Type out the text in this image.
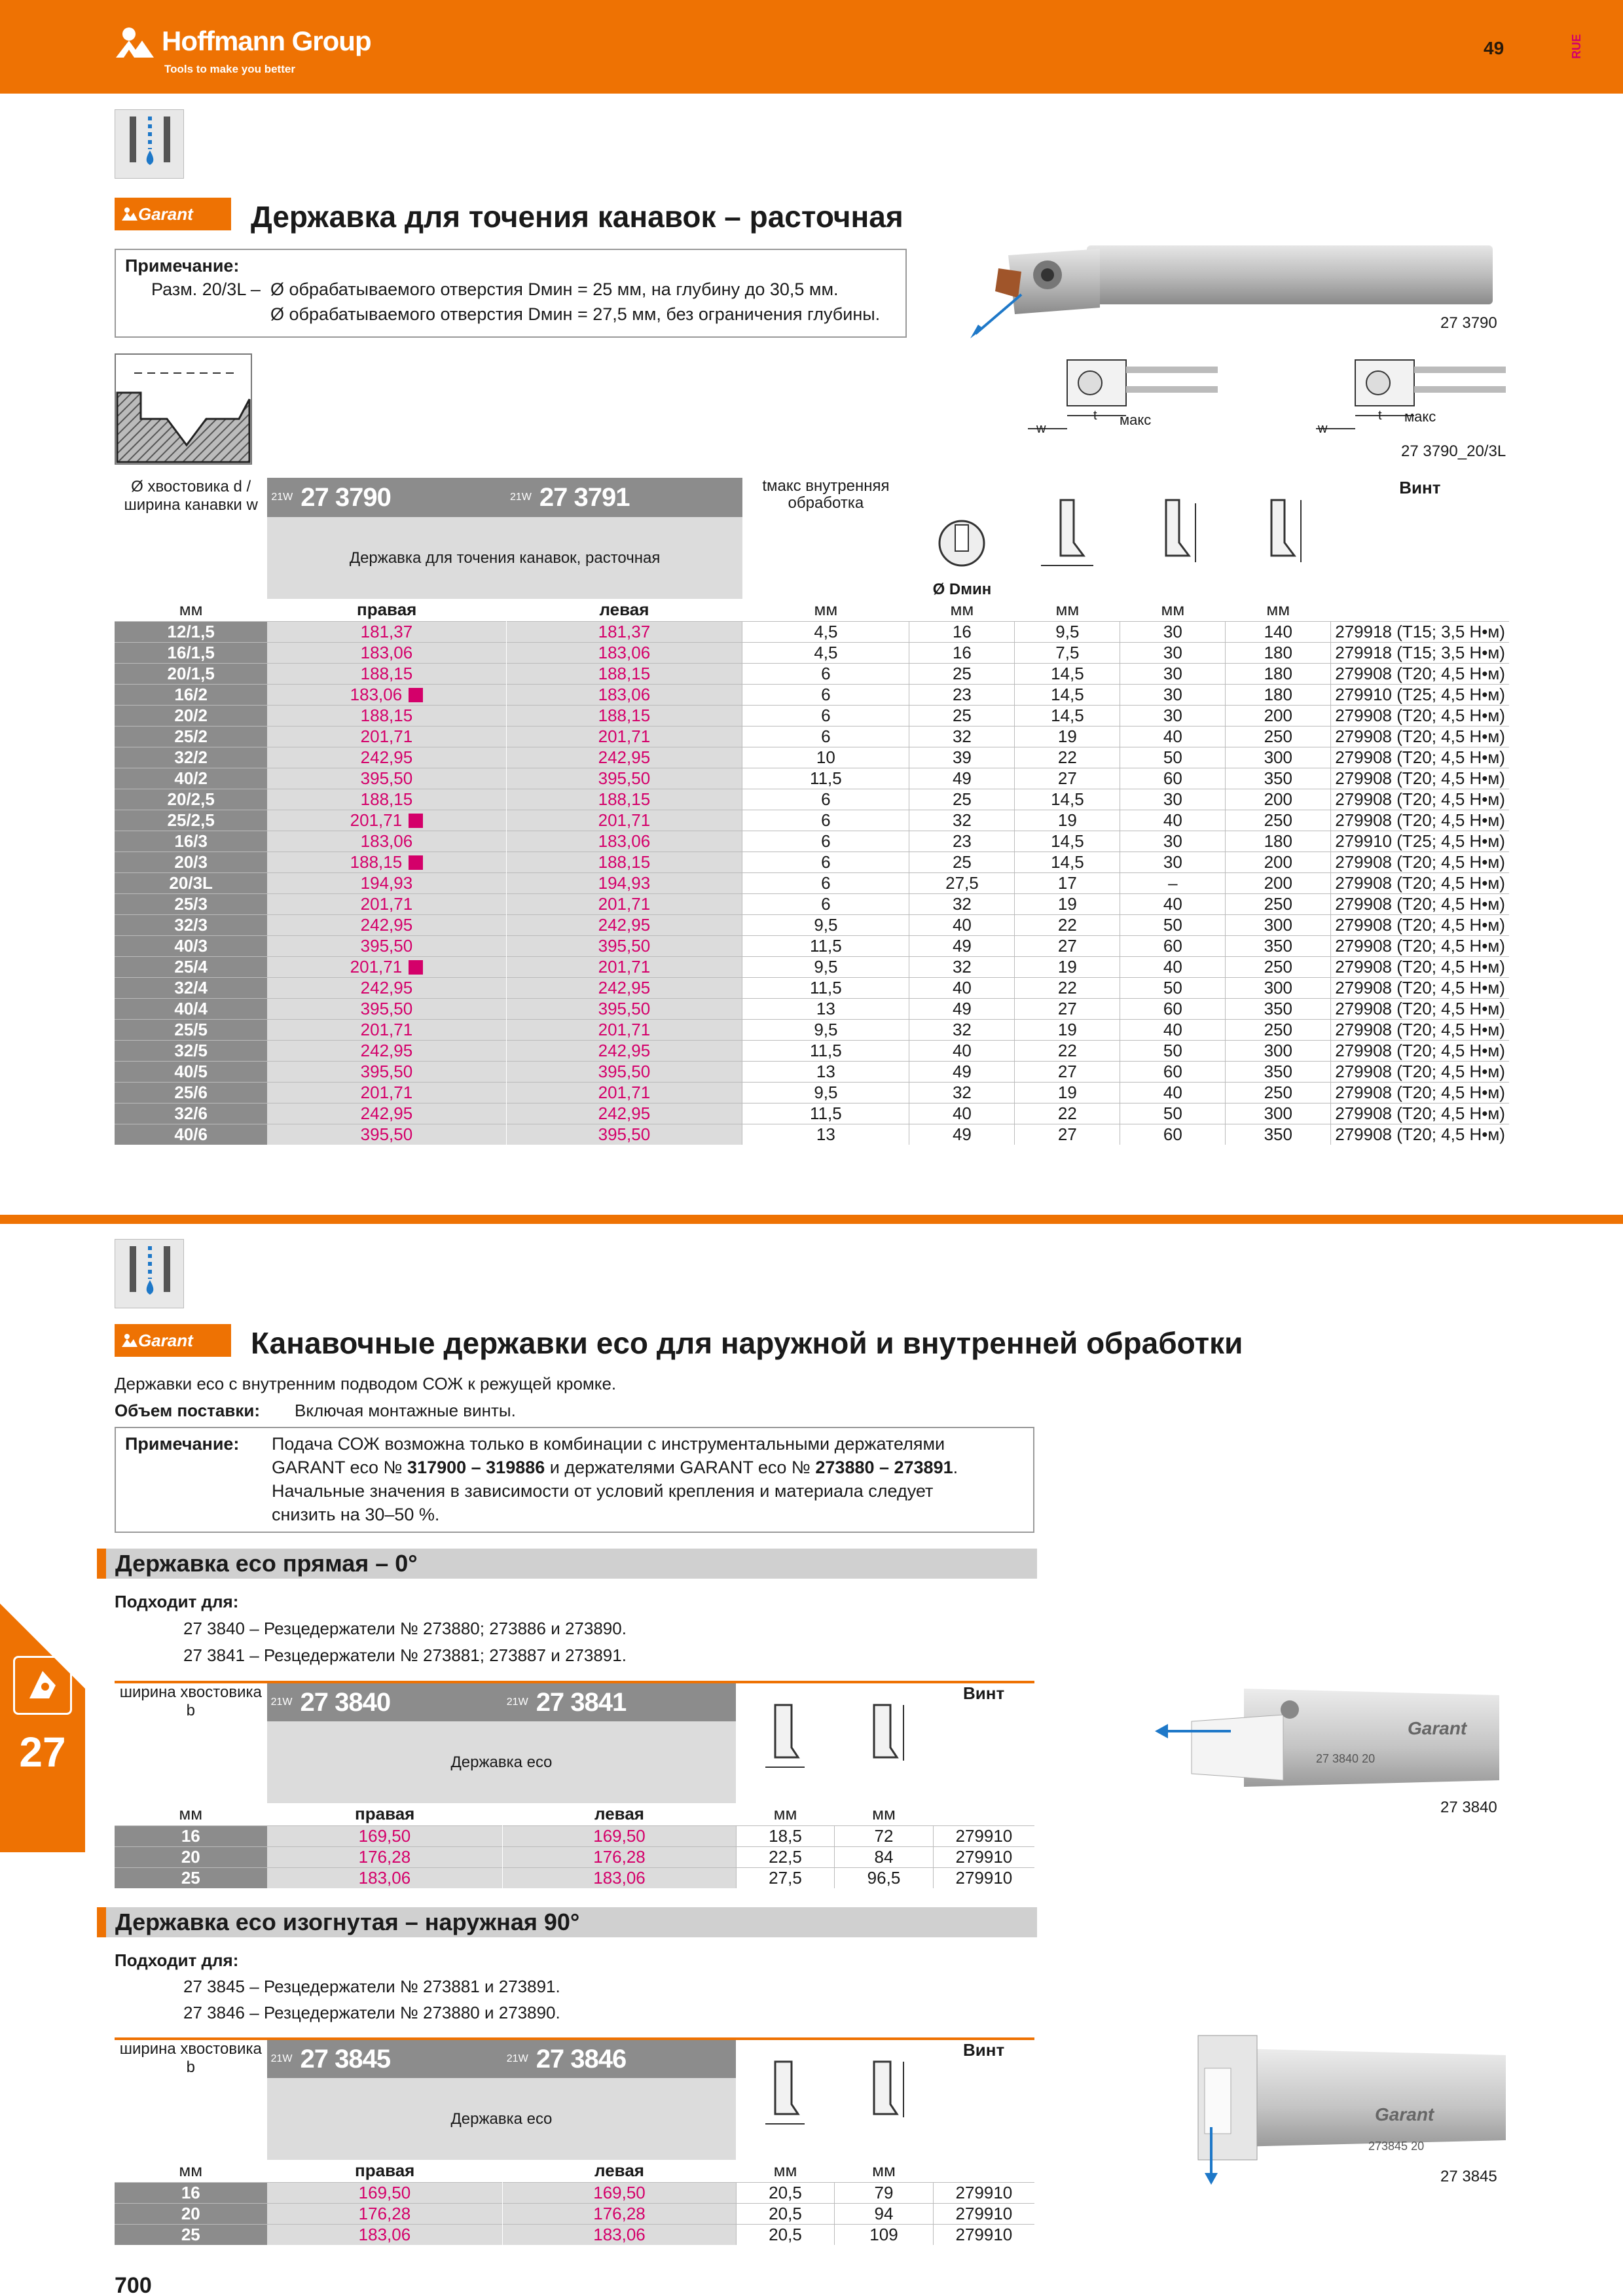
Hoffmann Group
Tools to make you better
49	RUE
Garant Державка для точения канавок – расточная
Примечание:
Разм. 20/3L – Ø обрабатываемого отверстия Dмин = 25 мм, на глубину до 30,5 мм.
Ø обрабатываемого отверстия Dмин = 27,5 мм, без ограничения глубины.	27 3790
w
t макс
w
t макс
27 3790_20/3L
Ø хвостовика d / ширина канавки w	21W	27 3790	21W	27 3791	tмакс внутренняя обработка	Ø Dмин				Винт
	Державка для точения канавок, расточная									
мм	правая		левая		мм	мм	мм	мм	мм	
12/1,5	181,37		181,37		4,5	16	9,5	30	140	279918 (T15; 3,5 Н•м)
16/1,5	183,06		183,06		4,5	16	7,5	30	180	279918 (T15; 3,5 Н•м)
20/1,5	188,15		188,15		6	25	14,5	30	180	279908 (T20; 4,5 Н•м)
16/2	183,06		183,06		6	23	14,5	30	180	279910 (T25; 4,5 Н•м)
20/2	188,15		188,15		6	25	14,5	30	200	279908 (T20; 4,5 Н•м)
25/2	201,71		201,71		6	32	19	40	250	279908 (T20; 4,5 Н•м)
32/2	242,95		242,95		10	39	22	50	300	279908 (T20; 4,5 Н•м)
40/2	395,50		395,50		11,5	49	27	60	350	279908 (T20; 4,5 Н•м)
20/2,5	188,15		188,15		6	25	14,5	30	200	279908 (T20; 4,5 Н•м)
25/2,5	201,71		201,71		6	32	19	40	250	279908 (T20; 4,5 Н•м)
16/3	183,06		183,06		6	23	14,5	30	180	279910 (T25; 4,5 Н•м)
20/3	188,15		188,15		6	25	14,5	30	200	279908 (T20; 4,5 Н•м)
20/3L	194,93		194,93		6	27,5	17	–	200	279908 (T20; 4,5 Н•м)
25/3	201,71		201,71		6	32	19	40	250	279908 (T20; 4,5 Н•м)
32/3	242,95		242,95		9,5	40	22	50	300	279908 (T20; 4,5 Н•м)
40/3	395,50		395,50		11,5	49	27	60	350	279908 (T20; 4,5 Н•м)
25/4	201,71		201,71		9,5	32	19	40	250	279908 (T20; 4,5 Н•м)
32/4	242,95		242,95		11,5	40	22	50	300	279908 (T20; 4,5 Н•м)
40/4	395,50		395,50		13	49	27	60	350	279908 (T20; 4,5 Н•м)
25/5	201,71		201,71		9,5	32	19	40	250	279908 (T20; 4,5 Н•м)
32/5	242,95		242,95		11,5	40	22	50	300	279908 (T20; 4,5 Н•м)
40/5	395,50		395,50		13	49	27	60	350	279908 (T20; 4,5 Н•м)
25/6	201,71		201,71		9,5	32	19	40	250	279908 (T20; 4,5 Н•м)
32/6	242,95		242,95		11,5	40	22	50	300	279908 (T20; 4,5 Н•м)
40/6	395,50		395,50		13	49	27	60	350	279908 (T20; 4,5 Н•м)
Garant Канавочные державки eco для наружной и внутренней обработки
Державки eco с внутренним подводом СОЖ к режущей кромке.
Объем поставки: Включая монтажные винты.
Примечание: Подача СОЖ возможна только в комбинации с инструментальными держателями
GARANT eco № 317900 – 319886 и держателями GARANT eco № 273880 – 273891.
Начальные значения в зависимости от условий крепления и материала следует
снизить на 30–50 %.
Державка eco прямая – 0°
Подходит для:
27 3840 – Резцедержатели № 273880; 273886 и 273890.
27 3841 – Резцедержатели № 273881; 273887 и 273891.
ширина хвостовика b	21W	27 3840	21W	27 3841			Винт
	Державка eco						
мм	правая		левая		мм	мм	
16	169,50		169,50		18,5	72	279910
20	176,28		176,28		22,5	84	279910
25	183,06		183,06		27,5	96,5	279910
Garant
27 3840 20
27 3840
Державка eco изогнутая – наружная 90°
Подходит для:
27 3845 – Резцедержатели № 273881 и 273891.
27 3846 – Резцедержатели № 273880 и 273890.
ширина хвостовика b	21W	27 3845	21W	27 3846			Винт
	Державка eco						
мм	правая		левая		мм	мм	
16	169,50		169,50		20,5	79	279910
20	176,28		176,28		20,5	94	279910
25	183,06		183,06		20,5	109	279910
Garant
273845 20
27 3845
27
700
